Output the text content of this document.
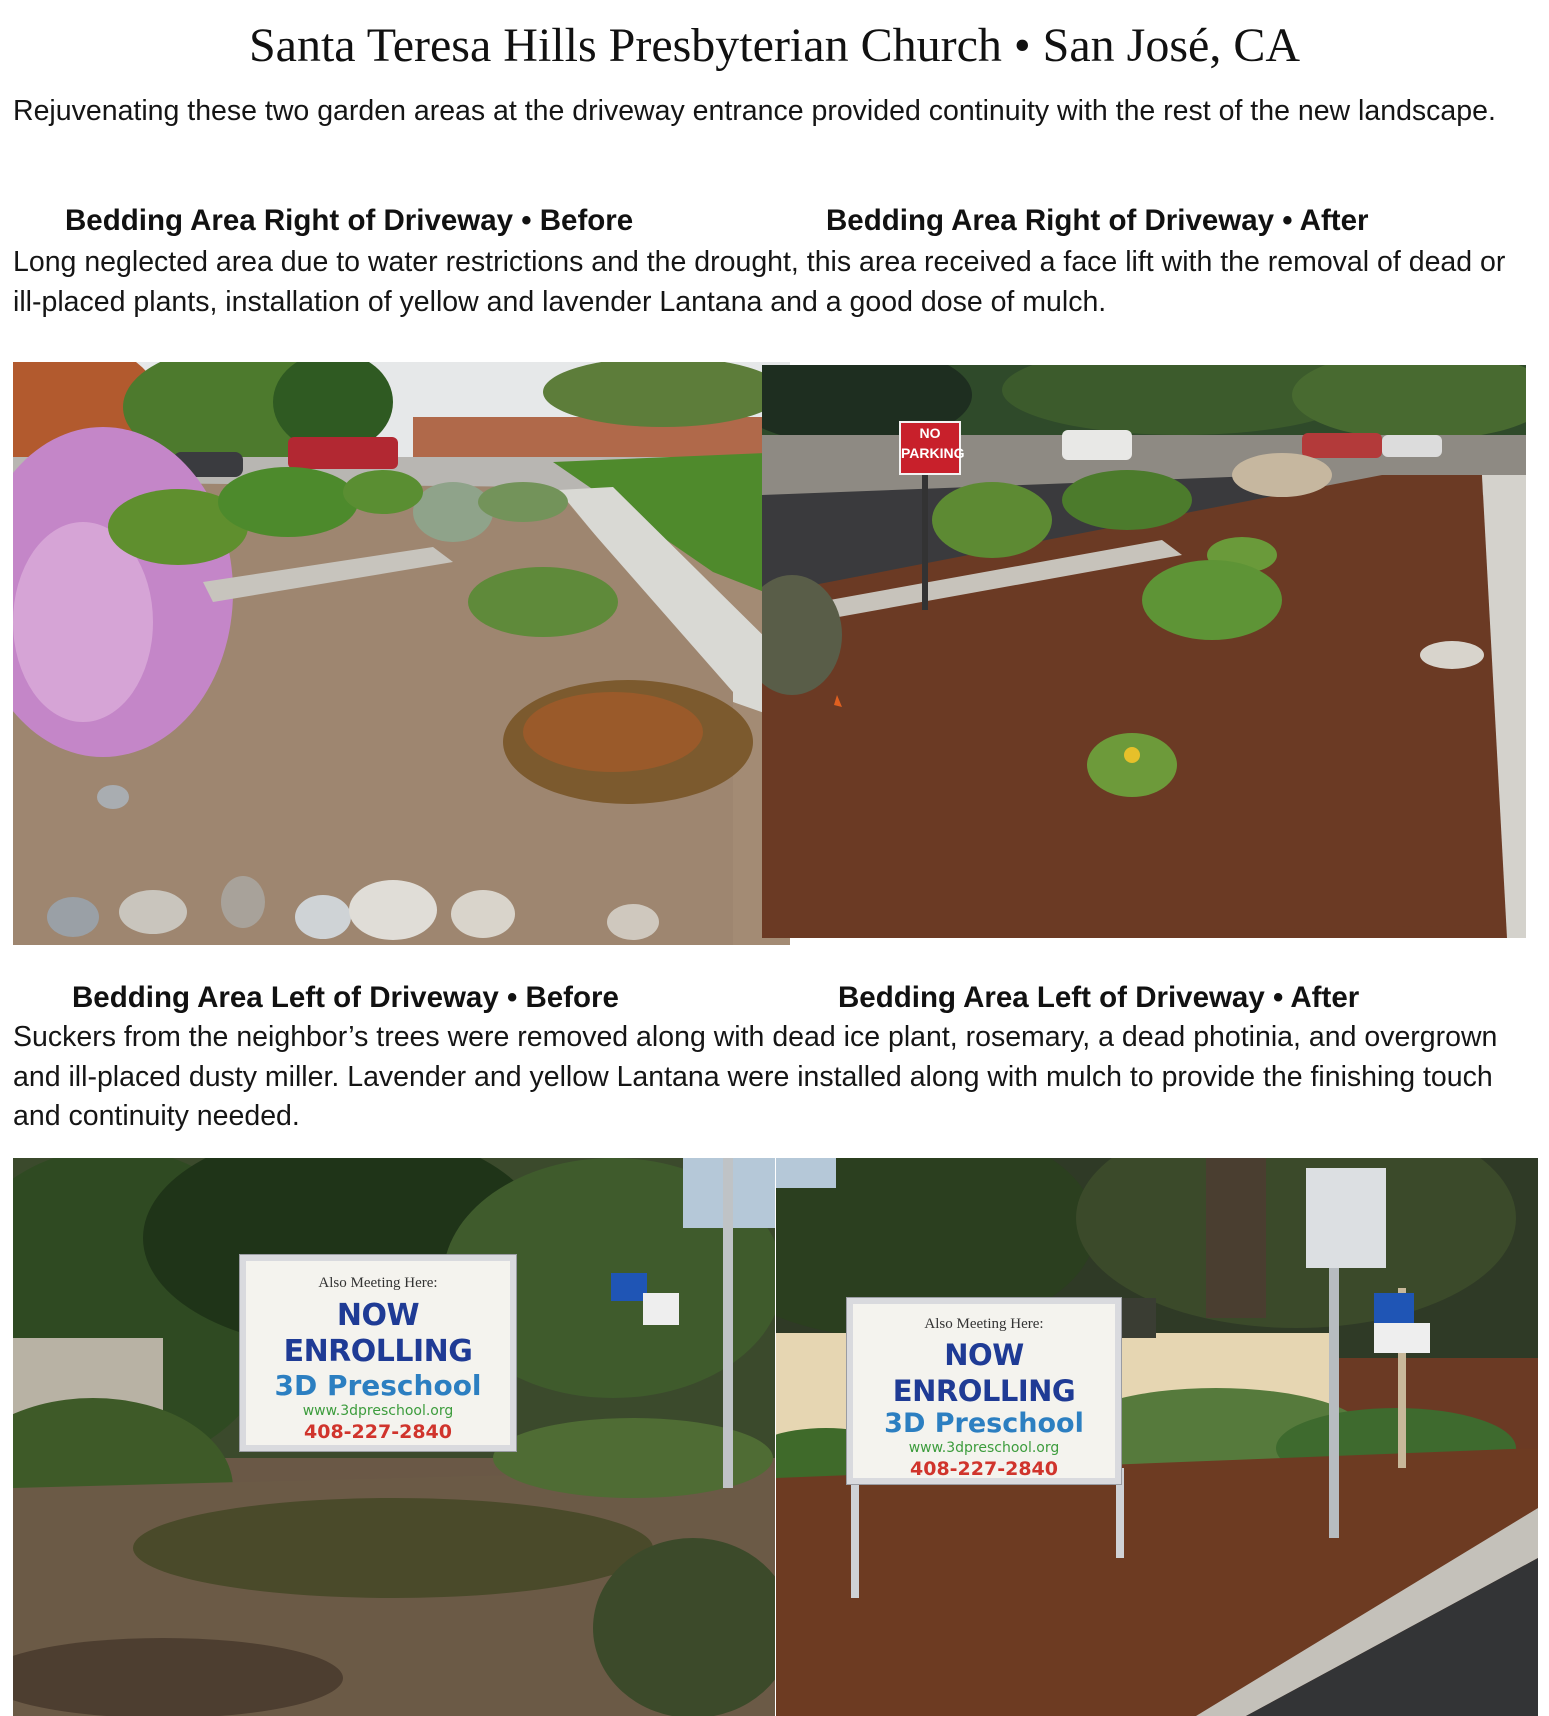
Santa Teresa Hills Presbyterian Church • San José, CA
Rejuvenating these two garden areas at the driveway entrance provided continuity with the rest of the new landscape.
Bedding Area Right of Driveway • Before	Bedding Area Right of Driveway • After
Long neglected area due to water restrictions and the drought, this area received a face lift with the removal of dead or ill-placed plants, installation of yellow and lavender Lantana and a good dose of mulch.
NO PARKING
Bedding Area Left of Driveway • Before	Bedding Area Left of Driveway • After
Suckers from the neighbor’s trees were removed along with dead ice plant, rosemary, a dead photinia, and overgrown and ill-placed dusty miller. Lavender and yellow Lantana were installed along with mulch to provide the finishing touch and continuity needed.
Also Meeting Here:
NOW ENROLLING
3D Preschool
www.3dpreschool.org
408-227-2840
Also Meeting Here:
NOW ENROLLING
3D Preschool
www.3dpreschool.org
408-227-2840
